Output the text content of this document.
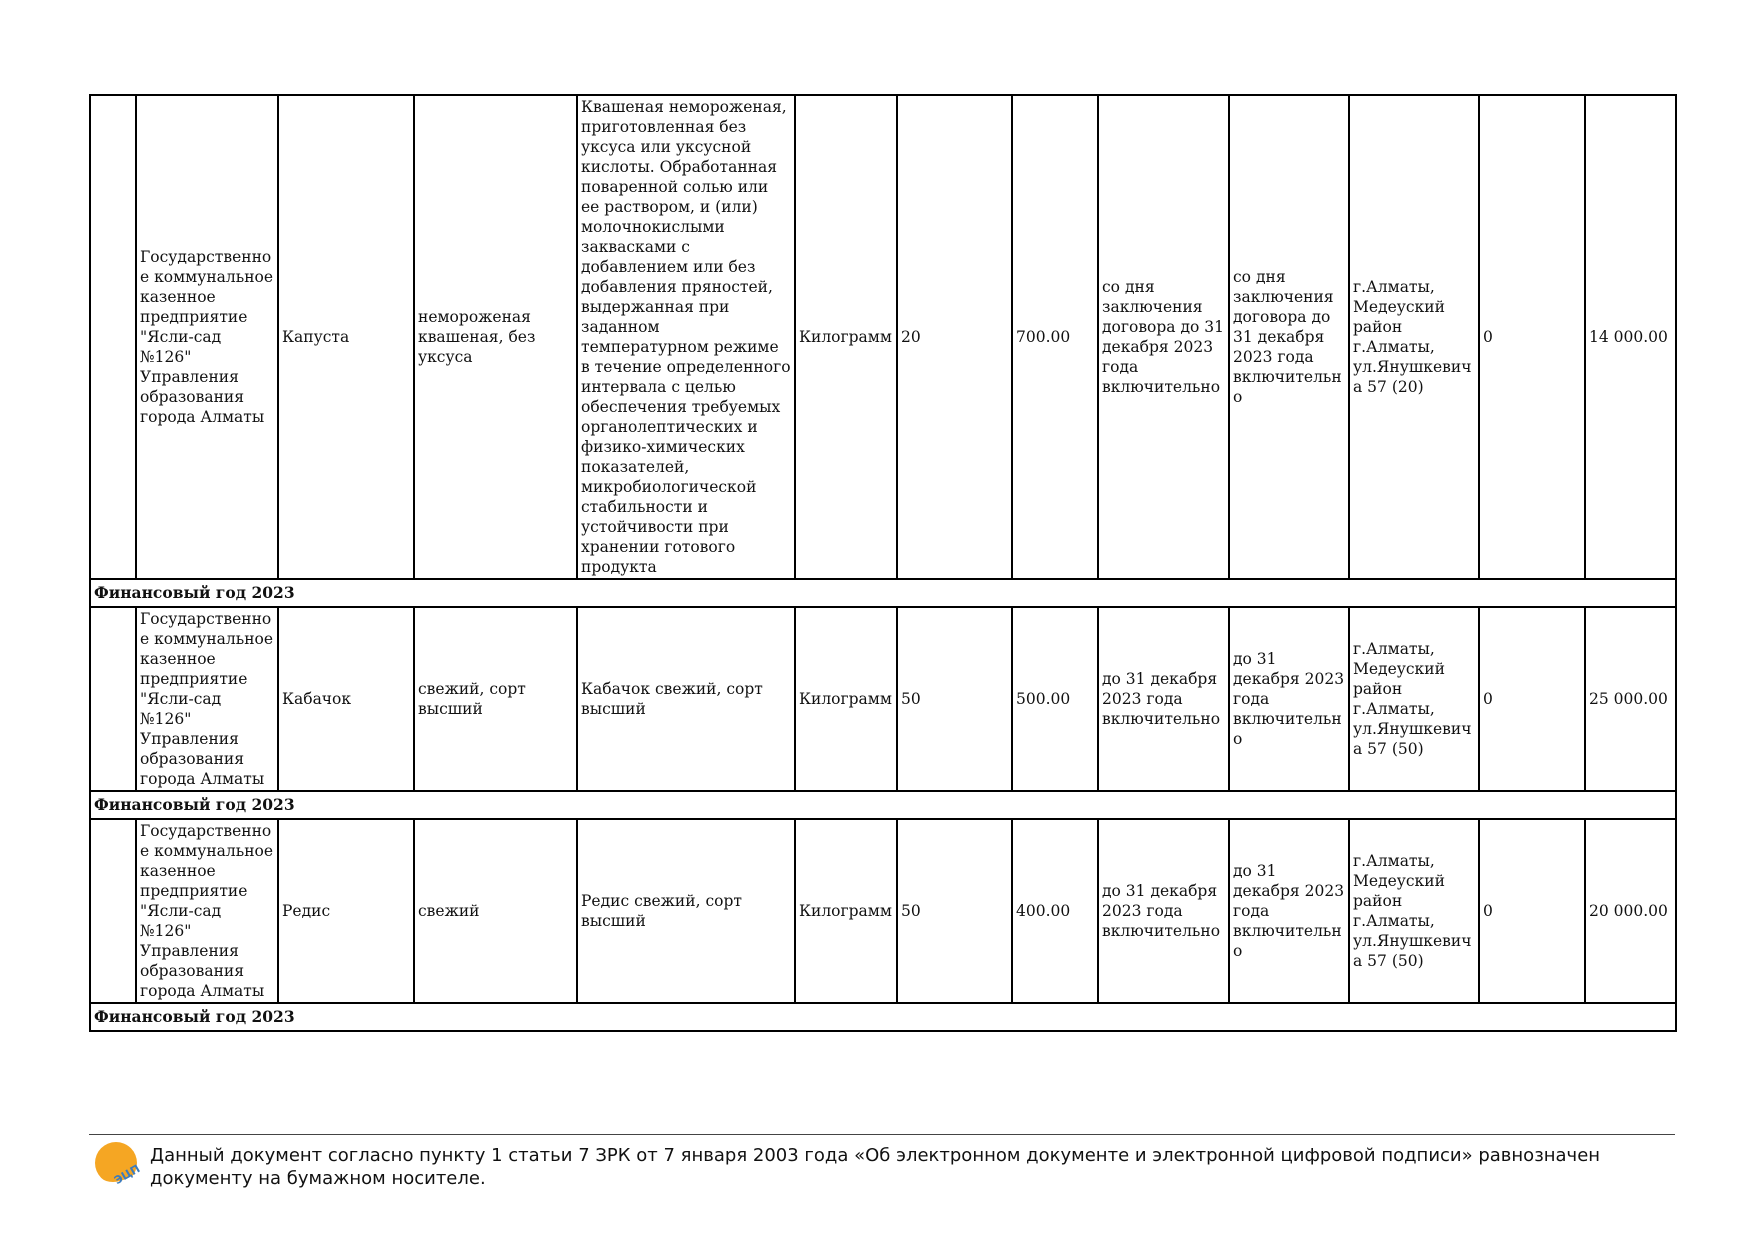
	Государственное коммунальное казенное предприятие "Ясли-сад №126" Управления образования города Алматы	Капуста	неморожeная квашеная, без уксуса	Квашеная немороженая, приготовленная без уксуса или уксусной кислоты. Обработанная поваренной солью или ее раствором, и (или) молочнокислыми заквасками с добавлением или без добавления пряностей, выдержанная при заданном температурном режиме в течение определенного интервала с целью обеспечения требуемых органолептических и физико-химических показателей, микробиологической стабильности и устойчивости при хранении готового продукта	Килограмм	20	700.00	со дня заключения договора до 31 декабря 2023 года включительно	со дня заключения договора до 31 декабря 2023 года включительно	г.Алматы, Медеуский район г.Алматы, ул.Янушкевича 57 (20)	0	14 000.00
Финансовый год 2023												
	Государственное коммунальное казенное предприятие "Ясли-сад №126" Управления образования города Алматы	Кабачок	свежий, сорт высший	Кабачок свежий, сорт высший	Килограмм	50	500.00	до 31 декабря 2023 года включительно	до 31 декабря 2023 года включительно	г.Алматы, Медеуский район г.Алматы, ул.Янушкевича 57 (50)	0	25 000.00
Финансовый год 2023												
	Государственное коммунальное казенное предприятие "Ясли-сад №126" Управления образования города Алматы	Редис	свежий	Редис свежий, сорт высший	Килограмм	50	400.00	до 31 декабря 2023 года включительно	до 31 декабря 2023 года включительно	г.Алматы, Медеуский район г.Алматы, ул.Янушкевича 57 (50)	0	20 000.00
Финансовый год 2023												
ЭЦП
Данный документ согласно пункту 1 статьи 7 ЗРК от 7 января 2003 года «Об электронном документе и электронной цифровой подписи» равнозначен документу на бумажном носителе.
